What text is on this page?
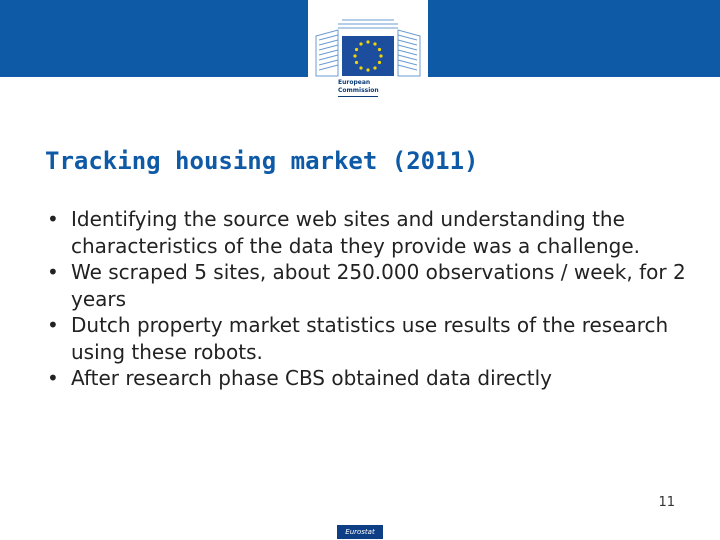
European
Commission
Tracking housing market (2011)
• Identifying the source web sites and understanding the characteristics of the data they provide was a challenge.
• We scraped 5 sites, about 250.000 observations / week, for 2 years
• Dutch property market statistics use results of the research using these robots.
• After research phase CBS obtained data directly
11
Eurostat
